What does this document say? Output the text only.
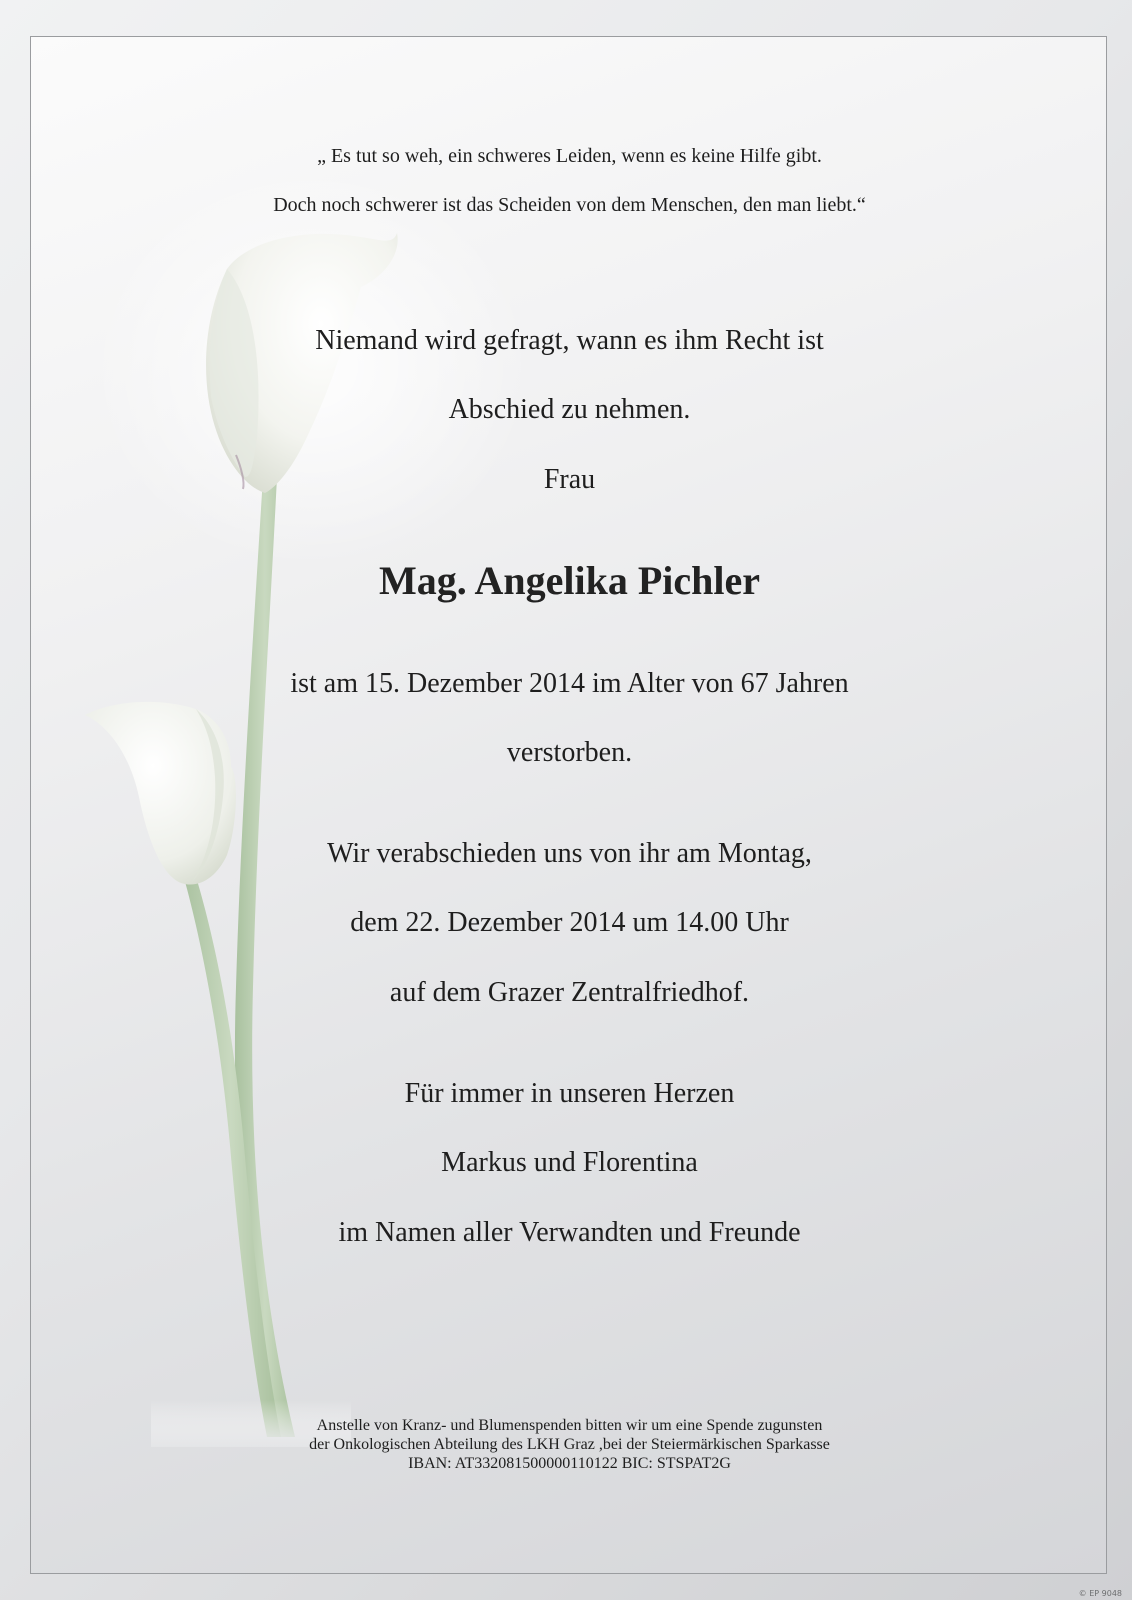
„ Es tut so weh, ein schweres Leiden, wenn es keine Hilfe gibt.
Doch noch schwerer ist das Scheiden von dem Menschen, den man liebt.“
Niemand wird gefragt, wann es ihm Recht ist
Abschied zu nehmen.
Frau
Mag. Angelika Pichler
ist am 15. Dezember 2014 im Alter von 67 Jahren
verstorben.
Wir verabschieden uns von ihr am Montag,
dem 22. Dezember 2014 um 14.00 Uhr
auf dem Grazer Zentralfriedhof.
Für immer in unseren Herzen
Markus und Florentina
im Namen aller Verwandten und Freunde
Anstelle von Kranz- und Blumenspenden bitten wir um eine Spende zugunsten
der Onkologischen Abteilung des LKH Graz ,bei der Steiermärkischen Sparkasse
IBAN: AT332081500000110122 BIC: STSPAT2G
© EP 9048
